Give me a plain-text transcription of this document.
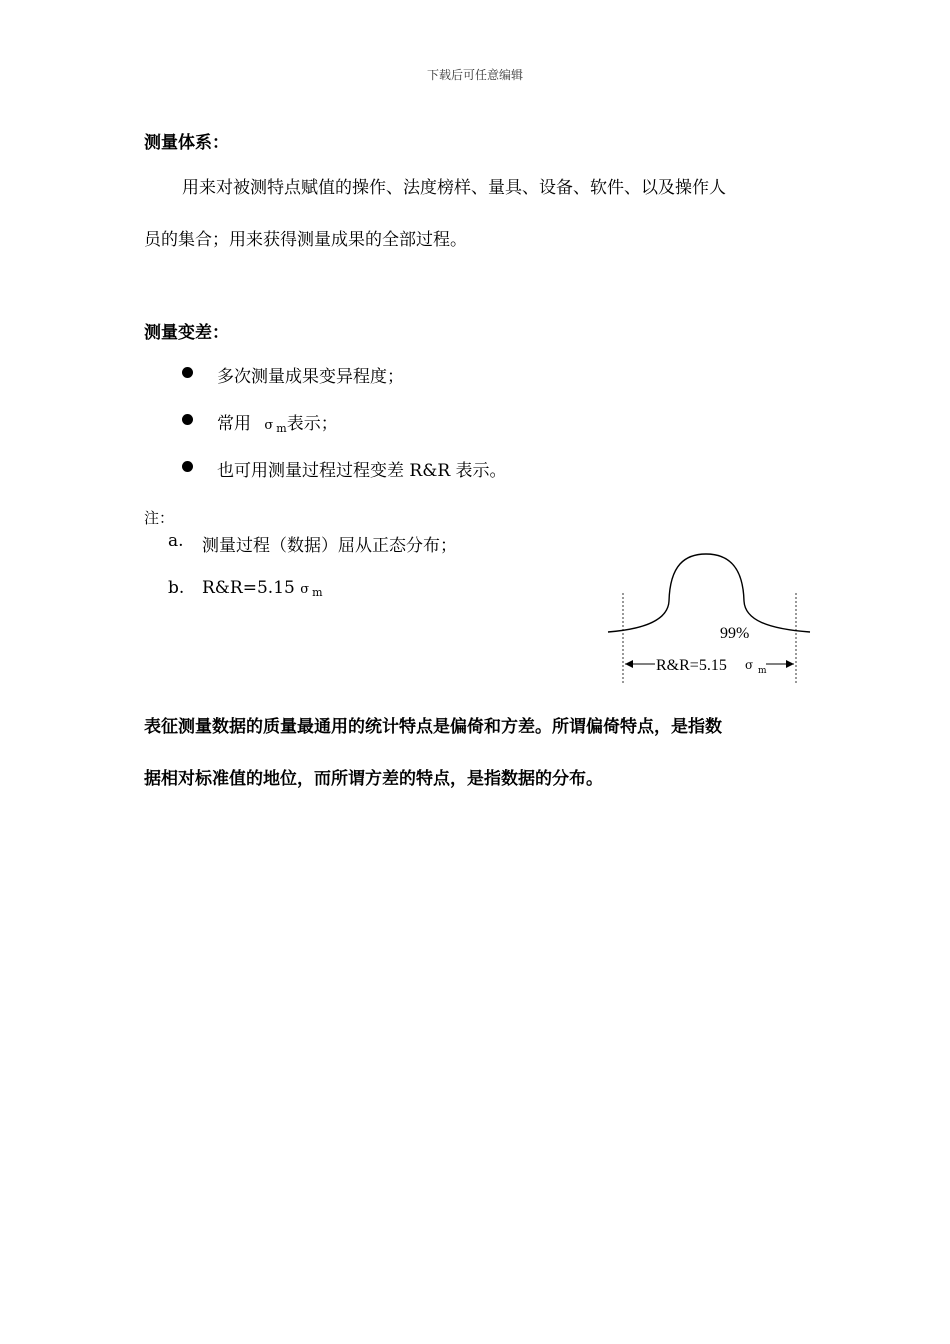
下载后可任意编辑
测量体系：
用来对被测特点赋值的操作、法度榜样、量具、设备、软件、以及操作人
员的集合；用来获得测量成果的全部过程。
测量变差：
多次测量成果变异程度；
常用 σ m表示；
也可用测量过程过程变差 R&R 表示。
注：
a. 测量过程（数据）屈从正态分布；
b. R&R=5.15 σ m
99%
R&R=5.15 σ m
表征测量数据的质量最通用的统计特点是偏倚和方差。所谓偏倚特点，是指数
据相对标准值的地位，而所谓方差的特点，是指数据的分布。
